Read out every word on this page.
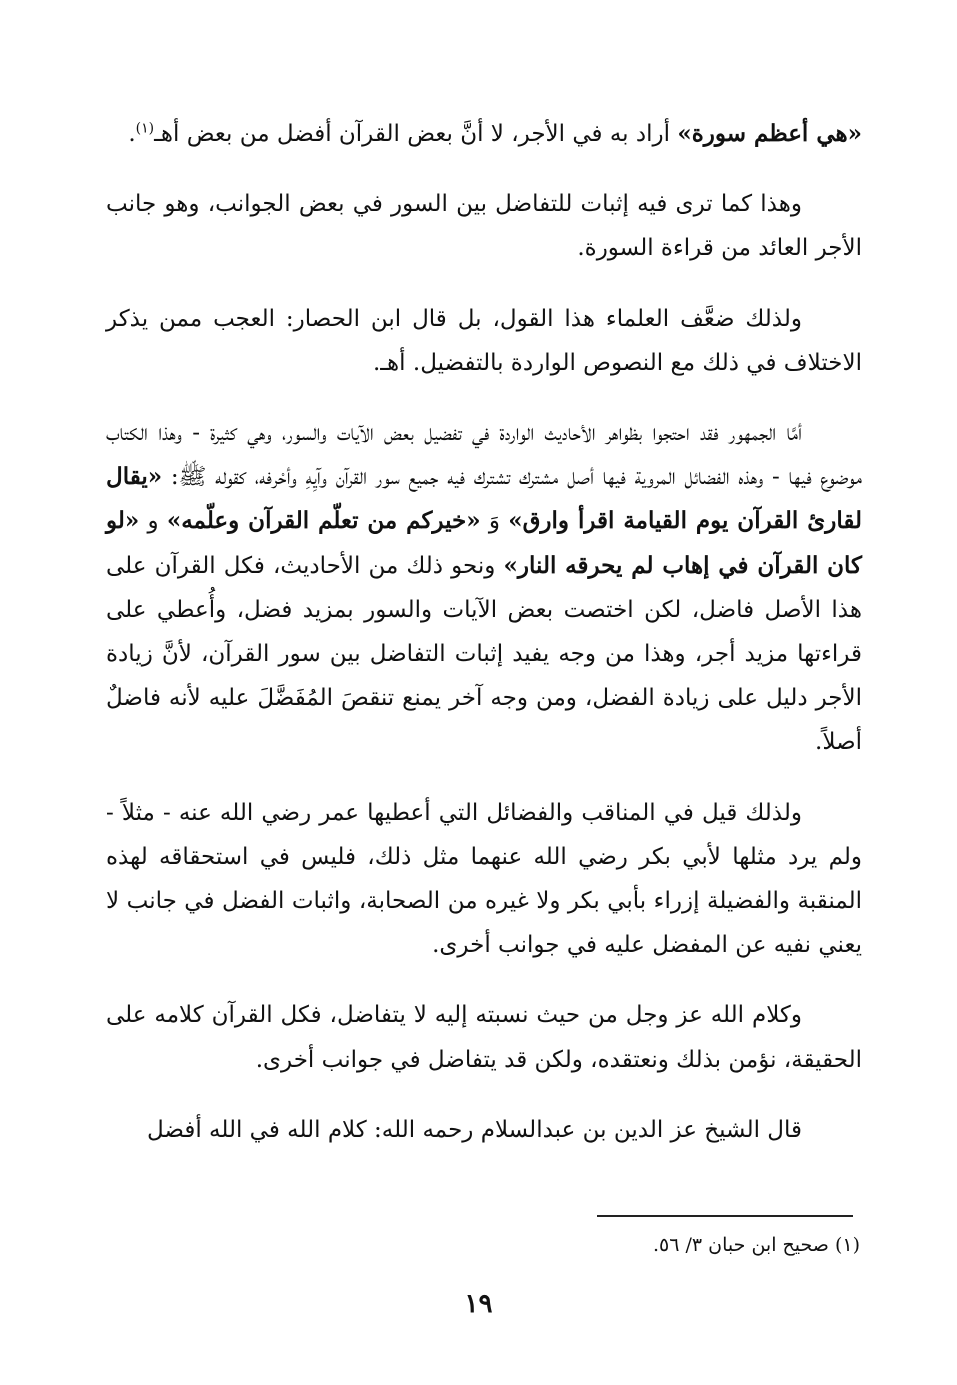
«هي أعظم سورة» أراد به في الأجر، لا أنَّ بعض القرآن أفضل من بعض أهـ$^{(١)}$.

وهذا كما ترى فيه إثبات للتفاضل بين السور في بعض الجوانب، وهو جانب الأجر العائد من قراءة السورة.

ولذلك ضعَّف العلماء هذا القول، بل قال ابن الحصار: العجب ممن يذكر الاختلاف في ذلك مع النصوص الواردة بالتفضيل. أهـ.

أمَّا الجمهور فقد احتجوا بظواهر الأحاديث الواردة في تفضيل بعض الآيات والسور، وهي كثيرة - وهذا الكتاب موضوع فيها - وهذه الفضائل المروية فيها أصل مشترك تشترك فيه جميع سور القرآن وآيِهِ وأحْرفه، كقوله ﷺ: «يقال لقارئ القرآن يوم القيامة اقرأ وارق» وَ «خيركم من تعلّم القرآن وعلّمه» و «لو كان القرآن في إهاب لم يحرقه النار» ونحو ذلك من الأحاديث، فكل القرآن على هذا الأصل فاضل، لكن اختصت بعض الآيات والسور بمزيد فضل، وأُعطي على قراءتها مزيد أجر، وهذا من وجه يفيد إثبات التفاضل بين سور القرآن، لأنَّ زيادة الأجر دليل على زيادة الفضل، ومن وجه آخر يمنع تنقصَ المُفَضَّلَ عليه لأنه فاضلٌ أصلاً.

ولذلك قيل في المناقب والفضائل التي أعطيها عمر رضي الله عنه - مثلاً - ولم يرد مثلها لأبي بكر رضي الله عنهما مثل ذلك، فليس في استحقاقه لهذه المنقبة والفضيلة إزراء بأبي بكر ولا غيره من الصحابة، واثبات الفضل في جانب لا يعني نفيه عن المفضل عليه في جوانب أخرى.

وكلام الله عز وجل من حيث نسبته إليه لا يتفاضل، فكل القرآن كلامه على الحقيقة، نؤمن بذلك ونعتقده، ولكن قد يتفاضل في جوانب أخرى.

قال الشيخ عز الدين بن عبدالسلام رحمه الله: كلام الله في الله أفضل

(١) صحيح ابن حبان ٣/ ٥٦.
١٩
